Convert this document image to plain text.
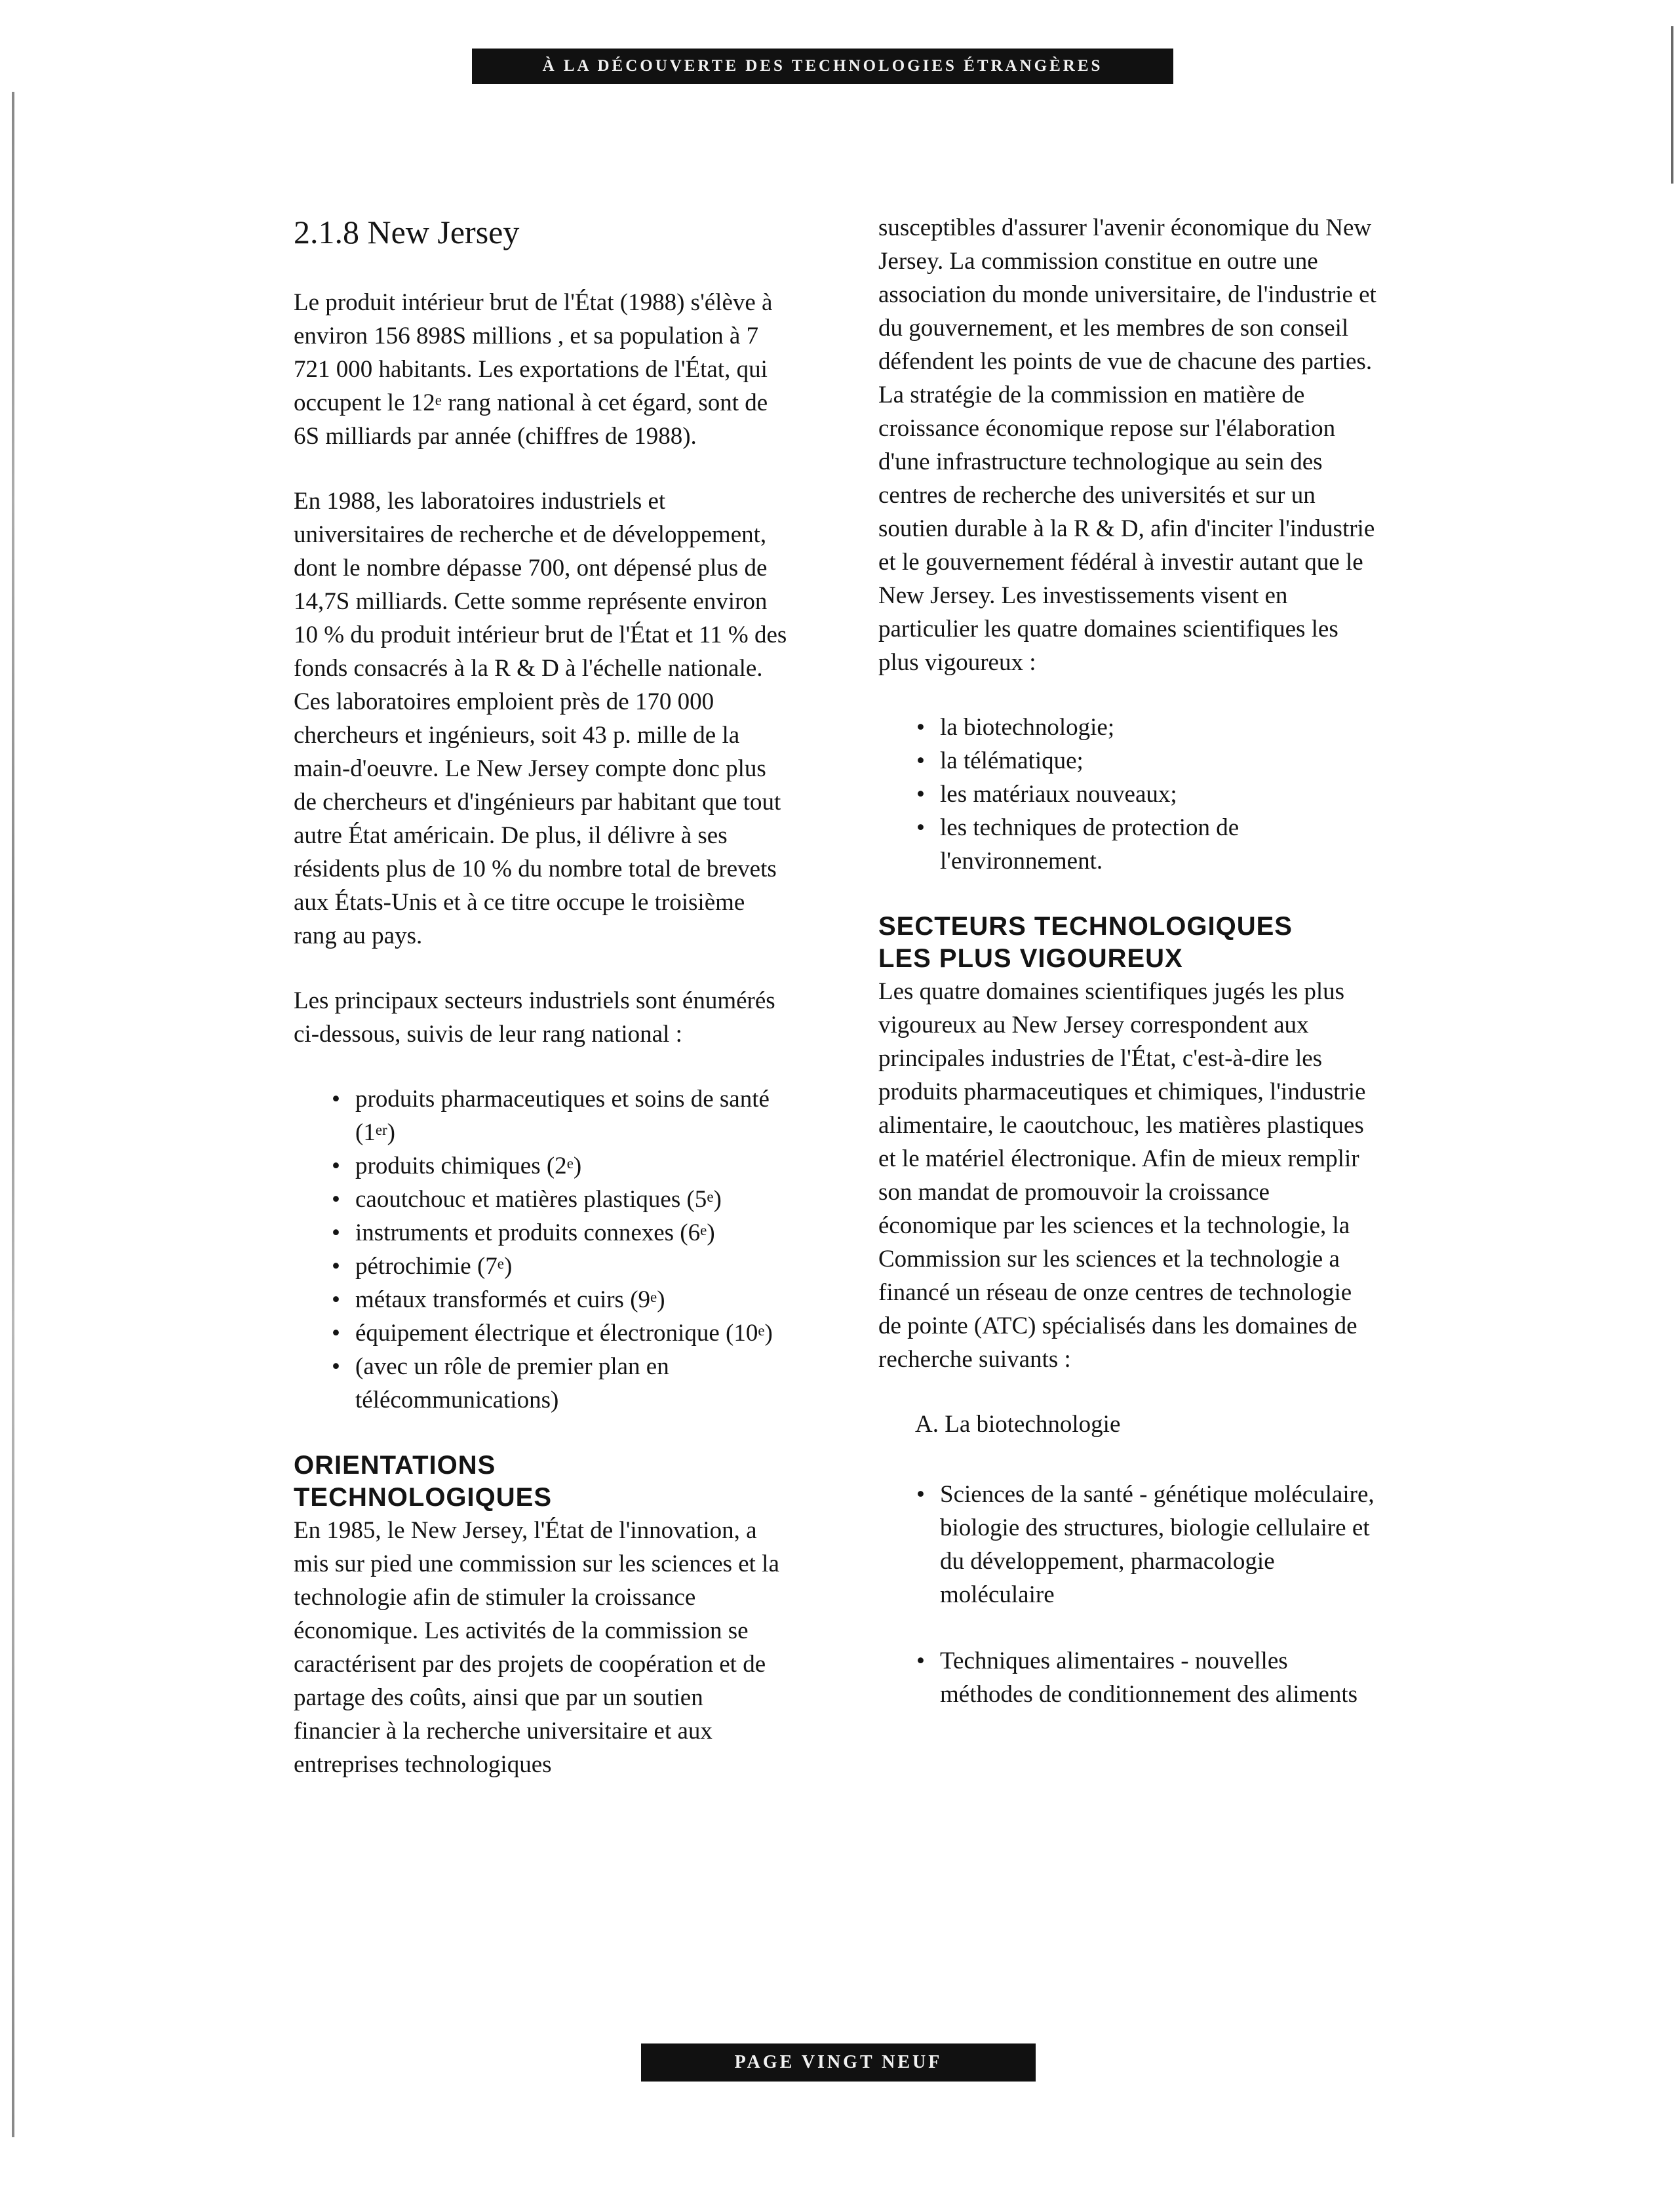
À LA DÉCOUVERTE DES TECHNOLOGIES ÉTRANGÈRES
2.1.8 New Jersey

Le produit intérieur brut de l'État (1988) s'élève à environ 156 898S millions , et sa population à 7 721 000 habitants. Les exportations de l'État, qui occupent le 12e rang national à cet égard, sont de 6S milliards par année (chiffres de 1988).

En 1988, les laboratoires industriels et universitaires de recherche et de développement, dont le nombre dépasse 700, ont dépensé plus de 14,7S milliards. Cette somme représente environ 10 % du produit intérieur brut de l'État et 11 % des fonds consacrés à la R & D à l'échelle nationale. Ces laboratoires emploient près de 170 000 chercheurs et ingénieurs, soit 43 p. mille de la main-d'oeuvre. Le New Jersey compte donc plus de chercheurs et d'ingénieurs par habitant que tout autre État américain. De plus, il délivre à ses résidents plus de 10 % du nombre total de brevets aux États-Unis et à ce titre occupe le troisième rang au pays.

Les principaux secteurs industriels sont énumérés ci-dessous, suivis de leur rang national :

• produits pharmaceutiques et soins de santé (1er)
• produits chimiques (2e)
• caoutchouc et matières plastiques (5e)
• instruments et produits connexes (6e)
• pétrochimie (7e)
• métaux transformés et cuirs (9e)
• équipement électrique et électronique (10e)
• (avec un rôle de premier plan en télécommunications)
ORIENTATIONS
TECHNOLOGIQUES

En 1985, le New Jersey, l'État de l'innovation, a mis sur pied une commission sur les sciences et la technologie afin de stimuler la croissance économique. Les activités de la commission se caractérisent par des projets de coopération et de partage des coûts, ainsi que par un soutien financier à la recherche universitaire et aux entreprises technologiques

susceptibles d'assurer l'avenir économique du New Jersey. La commission constitue en outre une association du monde universitaire, de l'industrie et du gouvernement, et les membres de son conseil défendent les points de vue de chacune des parties. La stratégie de la commission en matière de croissance économique repose sur l'élaboration d'une infrastructure technologique au sein des centres de recherche des universités et sur un soutien durable à la R & D, afin d'inciter l'industrie et le gouvernement fédéral à investir autant que le New Jersey. Les investissements visent en particulier les quatre domaines scientifiques les plus vigoureux :

• la biotechnologie;
• la télématique;
• les matériaux nouveaux;
• les techniques de protection de l'environnement.
SECTEURS TECHNOLOGIQUES
LES PLUS VIGOUREUX

Les quatre domaines scientifiques jugés les plus vigoureux au New Jersey correspondent aux principales industries de l'État, c'est-à-dire les produits pharmaceutiques et chimiques, l'industrie alimentaire, le caoutchouc, les matières plastiques et le matériel électronique. Afin de mieux remplir son mandat de promouvoir la croissance économique par les sciences et la technologie, la Commission sur les sciences et la technologie a financé un réseau de onze centres de technologie de pointe (ATC) spécialisés dans les domaines de recherche suivants :

A. La biotechnologie
• Sciences de la santé - génétique moléculaire, biologie des structures, biologie cellulaire et du développement, pharmacologie moléculaire
• Techniques alimentaires - nouvelles méthodes de conditionnement des aliments
PAGE VINGT NEUF
